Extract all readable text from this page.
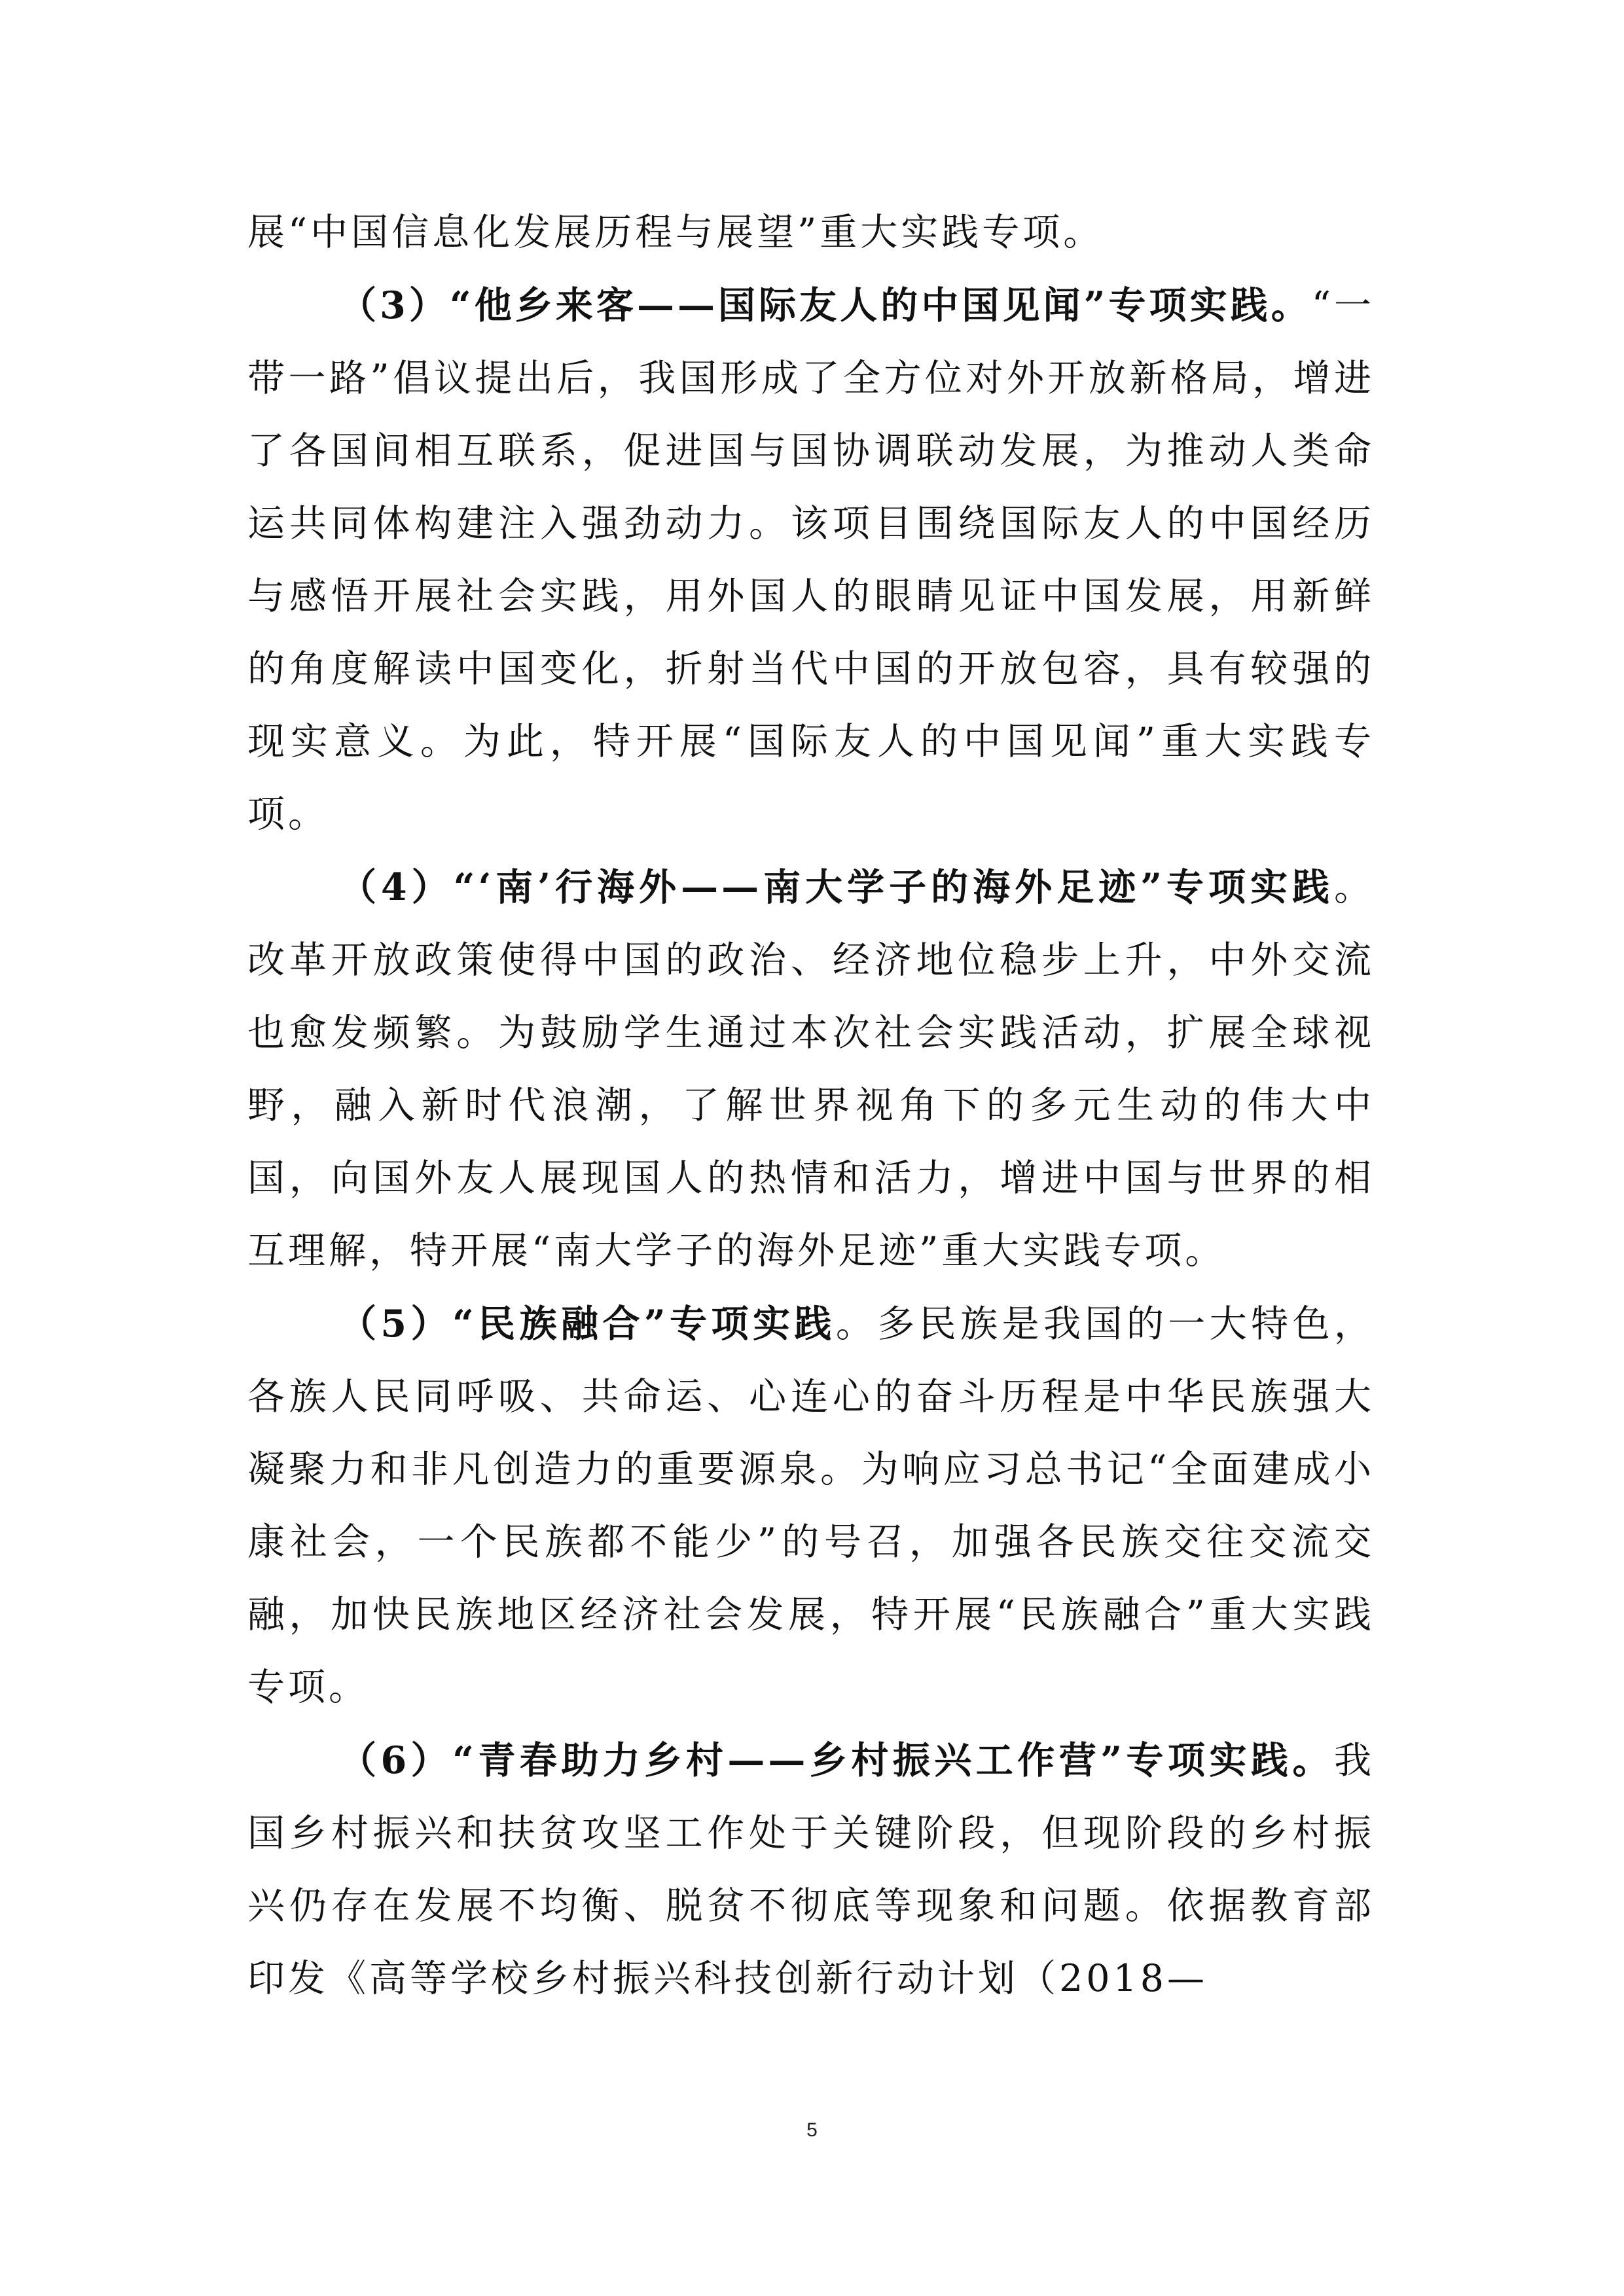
展“中国信息化发展历程与展望”重大实践专项。

（3）“他乡来客——国际友人的中国见闻”专项实践。“一带一路”倡议提出后，我国形成了全方位对外开放新格局，增进了各国间相互联系，促进国与国协调联动发展，为推动人类命运共同体构建注入强劲动力。该项目围绕国际友人的中国经历与感悟开展社会实践，用外国人的眼睛见证中国发展，用新鲜的角度解读中国变化，折射当代中国的开放包容，具有较强的现实意义。为此，特开展“国际友人的中国见闻”重大实践专项。

（4）“‘南’行海外——南大学子的海外足迹”专项实践。改革开放政策使得中国的政治、经济地位稳步上升，中外交流也愈发频繁。为鼓励学生通过本次社会实践活动，扩展全球视野，融入新时代浪潮，了解世界视角下的多元生动的伟大中国，向国外友人展现国人的热情和活力，增进中国与世界的相互理解，特开展“南大学子的海外足迹”重大实践专项。

（5）“民族融合”专项实践。多民族是我国的一大特色，各族人民同呼吸、共命运、心连心的奋斗历程是中华民族强大凝聚力和非凡创造力的重要源泉。为响应习总书记“全面建成小康社会，一个民族都不能少”的号召，加强各民族交往交流交融，加快民族地区经济社会发展，特开展“民族融合”重大实践专项。

（6）“青春助力乡村——乡村振兴工作营”专项实践。我国乡村振兴和扶贫攻坚工作处于关键阶段，但现阶段的乡村振兴仍存在发展不均衡、脱贫不彻底等现象和问题。依据教育部印发《高等学校乡村振兴科技创新行动计划（2018—

5
